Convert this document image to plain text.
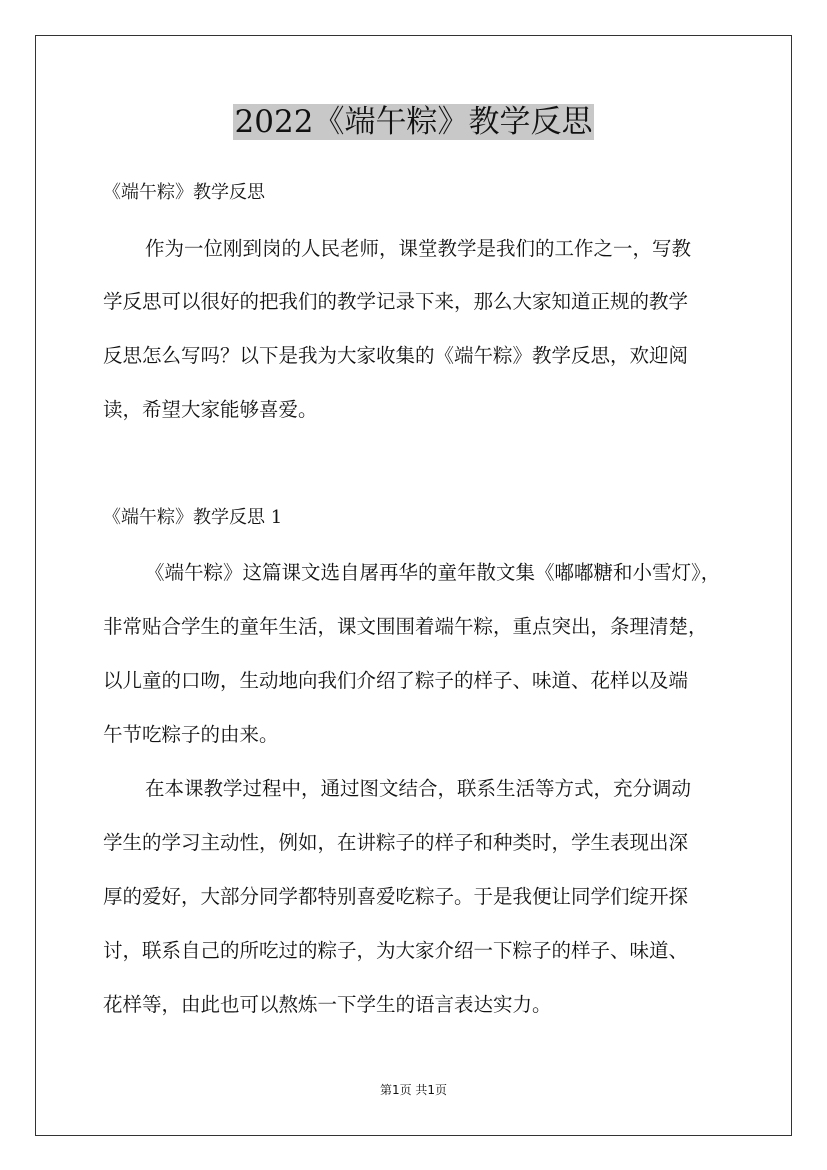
2022《端午粽》教学反思
《端午粽》教学反思
作为一位刚到岗的人民老师，课堂教学是我们的工作之一，写教
学反思可以很好的把我们的教学记录下来，那么大家知道正规的教学
反思怎么写吗？以下是我为大家收集的《端午粽》教学反思，欢迎阅
读，希望大家能够喜爱。
《端午粽》教学反思 1
《端午粽》这篇课文选自屠再华的童年散文集《嘟嘟糖和小雪灯》，
非常贴合学生的童年生活，课文围围着端午粽，重点突出，条理清楚，
以儿童的口吻，生动地向我们介绍了粽子的样子、味道、花样以及端
午节吃粽子的由来。
在本课教学过程中，通过图文结合，联系生活等方式，充分调动
学生的学习主动性，例如，在讲粽子的样子和种类时，学生表现出深
厚的爱好，大部分同学都特别喜爱吃粽子。于是我便让同学们绽开探
讨，联系自己的所吃过的粽子，为大家介绍一下粽子的样子、味道、
花样等，由此也可以熬炼一下学生的语言表达实力。
第1页 共1页
